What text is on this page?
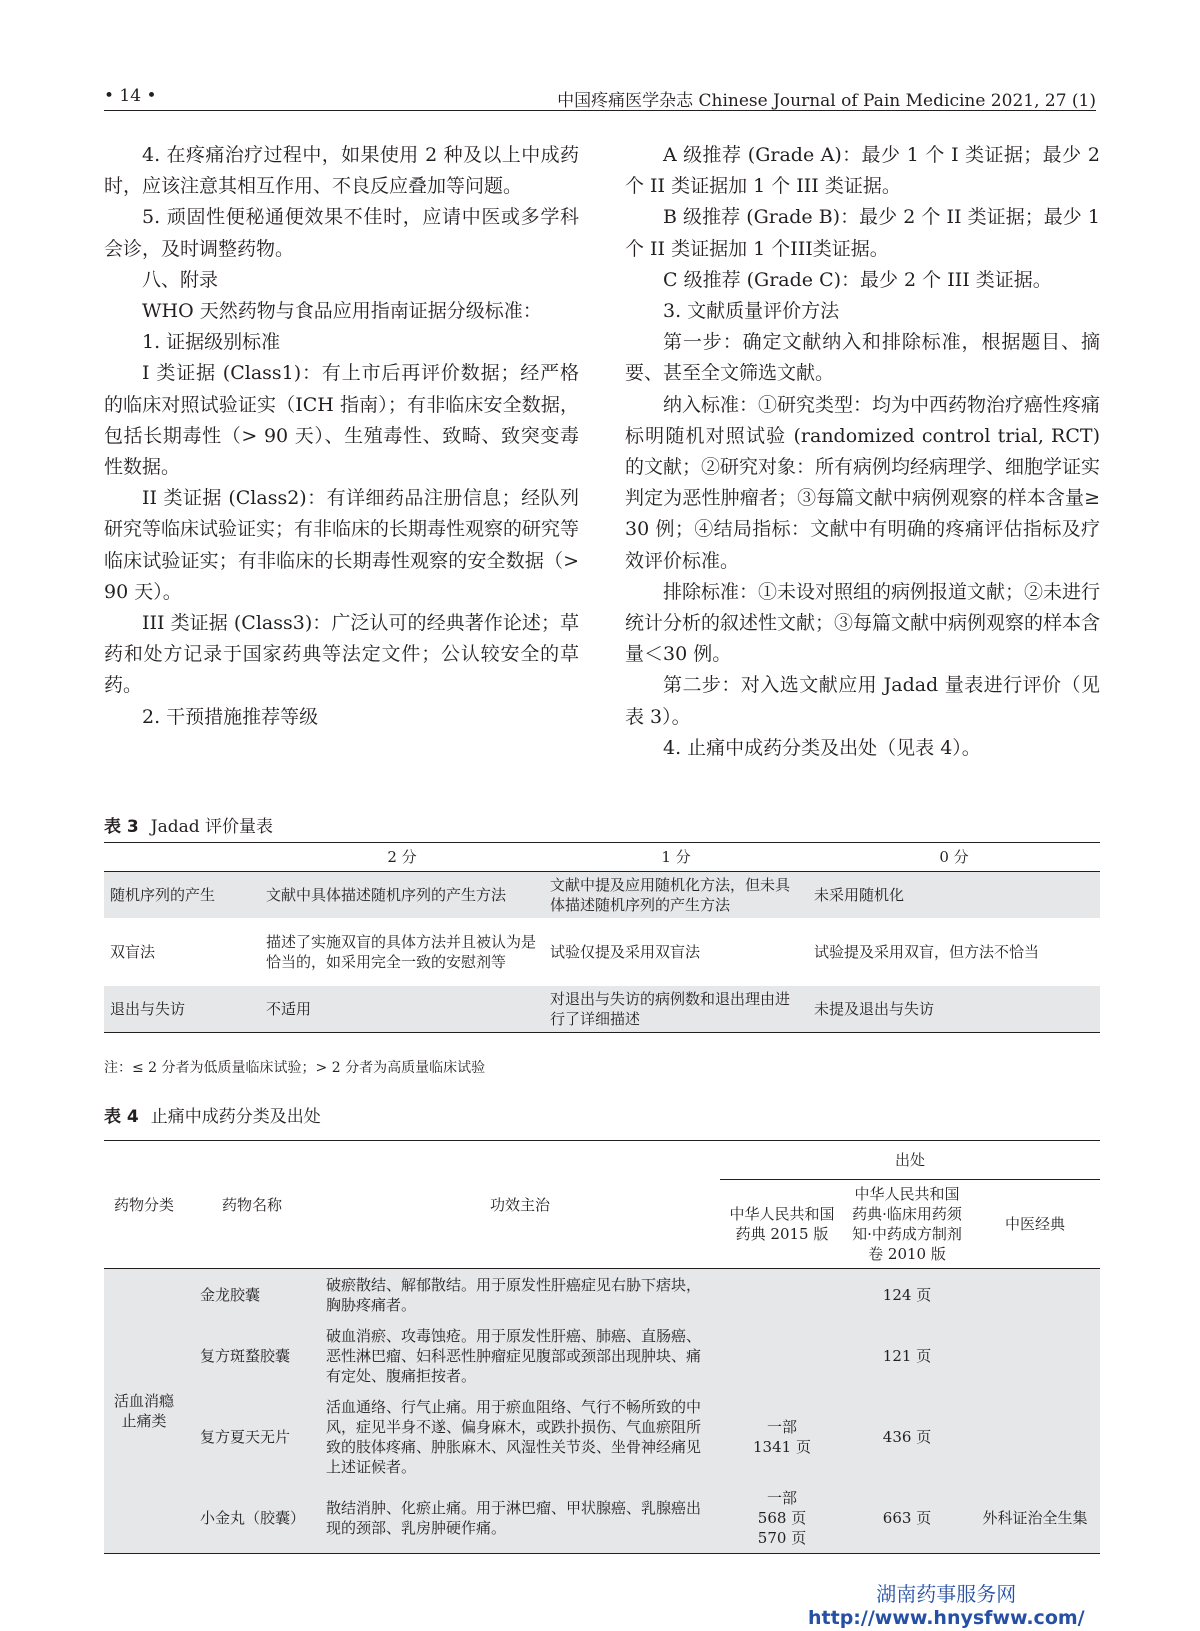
• 14 •	中国疼痛医学杂志 Chinese Journal of Pain Medicine 2021, 27 (1)

4. 在疼痛治疗过程中，如果使用 2 种及以上中成药时，应该注意其相互作用、不良反应叠加等问题。

5. 顽固性便秘通便效果不佳时，应请中医或多学科会诊，及时调整药物。

八、附录

WHO 天然药物与食品应用指南证据分级标准：

1. 证据级别标准

I 类证据 (Class1)：有上市后再评价数据；经严格的临床对照试验证实（ICH 指南）；有非临床安全数据，包括长期毒性（> 90 天）、生殖毒性、致畸、致突变毒性数据。

II 类证据 (Class2)：有详细药品注册信息；经队列研究等临床试验证实；有非临床的长期毒性观察的研究等临床试验证实；有非临床的长期毒性观察的安全数据（> 90 天）。

III 类证据 (Class3)：广泛认可的经典著作论述；草药和处方记录于国家药典等法定文件；公认较安全的草药。

2. 干预措施推荐等级

A 级推荐 (Grade A)：最少 1 个 I 类证据；最少 2 个 II 类证据加 1 个 III 类证据。

B 级推荐 (Grade B)：最少 2 个 II 类证据；最少 1 个 II 类证据加 1 个III类证据。

C 级推荐 (Grade C)：最少 2 个 III 类证据。

3. 文献质量评价方法

第一步：确定文献纳入和排除标准，根据题目、摘要、甚至全文筛选文献。

纳入标准：①研究类型：均为中西药物治疗癌性疼痛标明随机对照试验 (randomized control trial, RCT) 的文献；②研究对象：所有病例均经病理学、细胞学证实判定为恶性肿瘤者；③每篇文献中病例观察的样本含量≥ 30 例；④结局指标：文献中有明确的疼痛评估指标及疗效评价标准。

排除标准：①未设对照组的病例报道文献；②未进行统计分析的叙述性文献；③每篇文献中病例观察的样本含量＜30 例。

第二步：对入选文献应用 Jadad 量表进行评价（见表 3）。

4. 止痛中成药分类及出处（见表 4）。

表 3 Jadad 评价量表
	2 分	1 分	0 分
随机序列的产生	文献中具体描述随机序列的产生方法	文献中提及应用随机化方法，但未具体描述随机序列的产生方法	未采用随机化
双盲法	描述了实施双盲的具体方法并且被认为是恰当的，如采用完全一致的安慰剂等	试验仅提及采用双盲法	试验提及采用双盲，但方法不恰当
退出与失访	不适用	对退出与失访的病例数和退出理由进行了详细描述	未提及退出与失访
注：≤ 2 分者为低质量临床试验；> 2 分者为高质量临床试验
表 4 止痛中成药分类及出处
药物分类	药物名称	功效主治	出处		
			中华人民共和国药典 2015 版	中华人民共和国药典·临床用药须知·中药成方制剂卷 2010 版	中医经典
活血消瘾止痛类	金龙胶囊	破瘀散结、解郁散结。用于原发性肝癌症见右胁下痞块，胸胁疼痛者。		124 页	
	复方斑蝥胶囊	破血消瘀、攻毒蚀疮。用于原发性肝癌、肺癌、直肠癌、恶性淋巴瘤、妇科恶性肿瘤症见腹部或颈部出现肿块、痛有定处、腹痛拒按者。		121 页	
	复方夏天无片	活血通络、行气止痛。用于瘀血阻络、气行不畅所致的中风，症见半身不遂、偏身麻木，或跌扑损伤、气血瘀阻所致的肢体疼痛、肿胀麻木、风湿性关节炎、坐骨神经痛见上述证候者。	一部 1341 页	436 页	
	小金丸（胶囊）	散结消肿、化瘀止痛。用于淋巴瘤、甲状腺癌、乳腺癌出现的颈部、乳房肿硬作痛。	一部 568 页 570 页	663 页	外科证治全生集
湖南药事服务网
http://www.hnysfww.com/
